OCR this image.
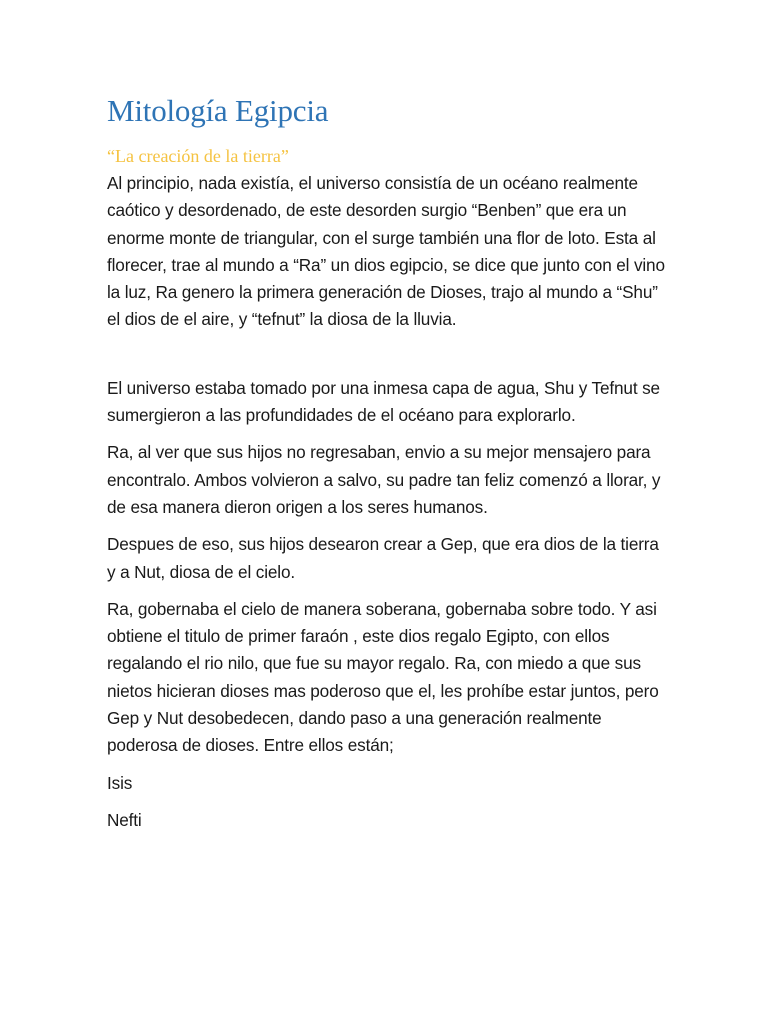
Mitología Egipcia

“La creación de la tierra”

Al principio, nada existía, el universo consistía de un océano realmente caótico y desordenado, de este desorden surgio “Benben” que era un enorme monte de triangular, con el surge también una flor de loto. Esta al florecer, trae al mundo a “Ra” un dios egipcio, se dice que junto con el vino la luz, Ra genero la primera generación de Dioses, trajo al mundo a “Shu” el dios de el aire, y “tefnut” la diosa de la lluvia.

El universo estaba tomado por una inmesa capa de agua, Shu y Tefnut se sumergieron a las profundidades de el océano para explorarlo.

Ra, al ver que sus hijos no regresaban, envio a su mejor mensajero para encontralo. Ambos volvieron a salvo, su padre tan feliz comenzó a llorar, y de esa manera dieron origen a los seres humanos.

Despues de eso, sus hijos desearon crear a Gep, que era dios de la tierra y a Nut, diosa de el cielo.

Ra, gobernaba el cielo de manera soberana, gobernaba sobre todo. Y asi obtiene el titulo de primer faraón , este dios regalo Egipto, con ellos regalando el rio nilo, que fue su mayor regalo. Ra, con miedo a que sus nietos hicieran dioses mas poderoso que el, les prohíbe estar juntos, pero Gep y Nut desobedecen, dando paso a una generación realmente poderosa de dioses. Entre ellos están;

Isis

Nefti
